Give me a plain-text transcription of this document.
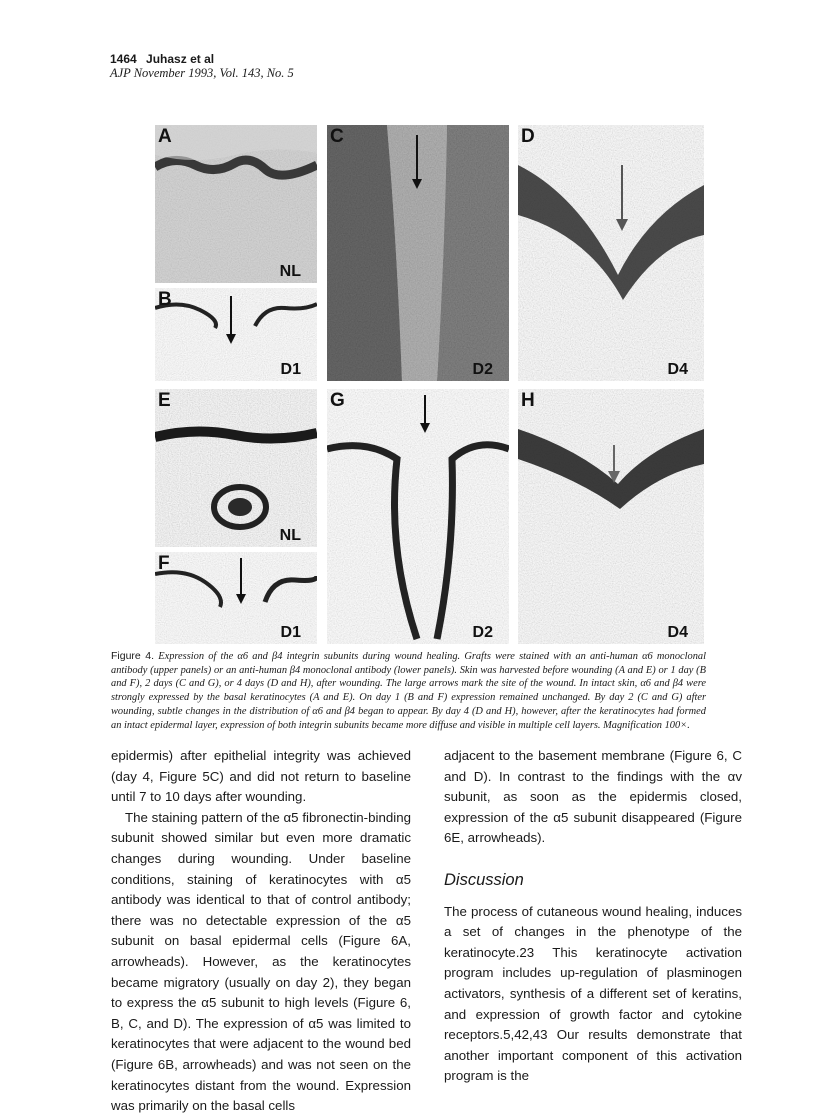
1464 Juhasz et al
AJP November 1993, Vol. 143, No. 5
A
NL
B
D1
C
D2
D
D4
E
NL
F
D1
G
D2
H
D4
Figure 4. Expression of the α6 and β4 integrin subunits during wound healing. Grafts were stained with an anti-human α6 monoclonal antibody (upper panels) or an anti-human β4 monoclonal antibody (lower panels). Skin was harvested before wounding (A and E) or 1 day (B and F), 2 days (C and G), or 4 days (D and H), after wounding. The large arrows mark the site of the wound. In intact skin, α6 and β4 were strongly expressed by the basal keratinocytes (A and E). On day 1 (B and F) expression remained unchanged. By day 2 (C and G) after wounding, subtle changes in the distribution of α6 and β4 began to appear. By day 4 (D and H), however, after the keratinocytes had formed an intact epidermal layer, expression of both integrin subunits became more diffuse and visible in multiple cell layers. Magnification 100×.

epidermis) after epithelial integrity was achieved (day 4, Figure 5C) and did not return to baseline until 7 to 10 days after wounding.

The staining pattern of the α5 fibronectin-binding subunit showed similar but even more dramatic changes during wounding. Under baseline conditions, staining of keratinocytes with α5 antibody was identical to that of control antibody; there was no detectable expression of the α5 subunit on basal epidermal cells (Figure 6A, arrowheads). However, as the keratinocytes became migratory (usually on day 2), they began to express the α5 subunit to high levels (Figure 6, B, C, and D). The expression of α5 was limited to keratinocytes that were adjacent to the wound bed (Figure 6B, arrowheads) and was not seen on the keratinocytes distant from the wound. Expression was primarily on the basal cells

adjacent to the basement membrane (Figure 6, C and D). In contrast to the findings with the αv subunit, as soon as the epidermis closed, expression of the α5 subunit disappeared (Figure 6E, arrowheads).

Discussion

The process of cutaneous wound healing, induces a set of changes in the phenotype of the keratinocyte.23 This keratinocyte activation program includes up-regulation of plasminogen activators, synthesis of a different set of keratins, and expression of growth factor and cytokine receptors.5,42,43 Our results demonstrate that another important component of this activation program is the
